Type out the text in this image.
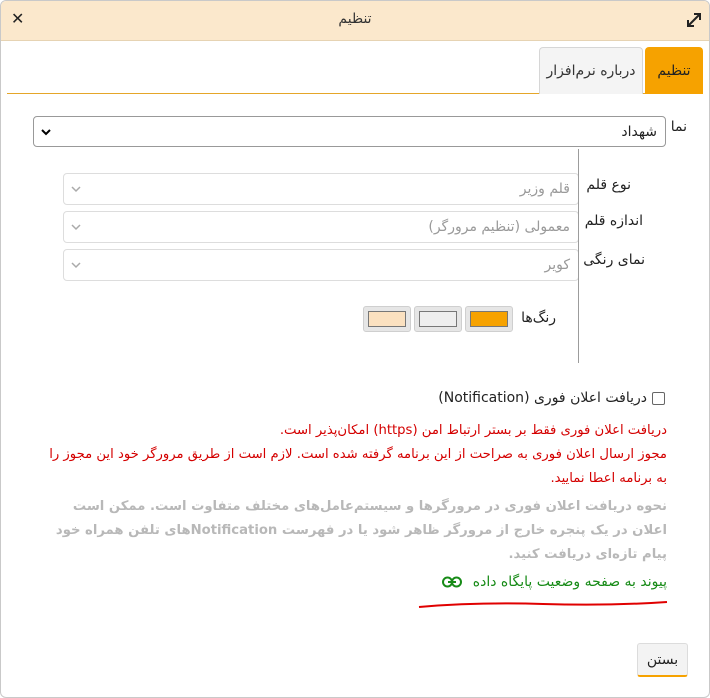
✕	تنظیم
تنظیم
درباره نرم‌افزار
نما
شهداد
نوع قلم
قلم وزیر
اندازه قلم
معمولی (تنظیم مرورگر)
نمای رنگی
کویر
رنگ‌ها
دریافت اعلان فوری (Notification)
دریافت اعلان فوری فقط بر بستر ارتباط امن (https) امکان‌پذیر است.
مجوز ارسال اعلان فوری به صراحت از این برنامه گرفته شده است. لازم است از طریق مرورگر خود این مجوز را به برنامه اعطا نمایید.
نحوه دریافت اعلان فوری در مرورگرها و سیستم‌عامل‌های مختلف متفاوت است. ممکن است اعلان در یک پنجره خارج از مرورگر ظاهر شود یا در فهرست Notificationهای تلفن همراه خود پیام تازه‌ای دریافت کنید.
پیوند به صفحه وضعیت پایگاه داده
بستن
